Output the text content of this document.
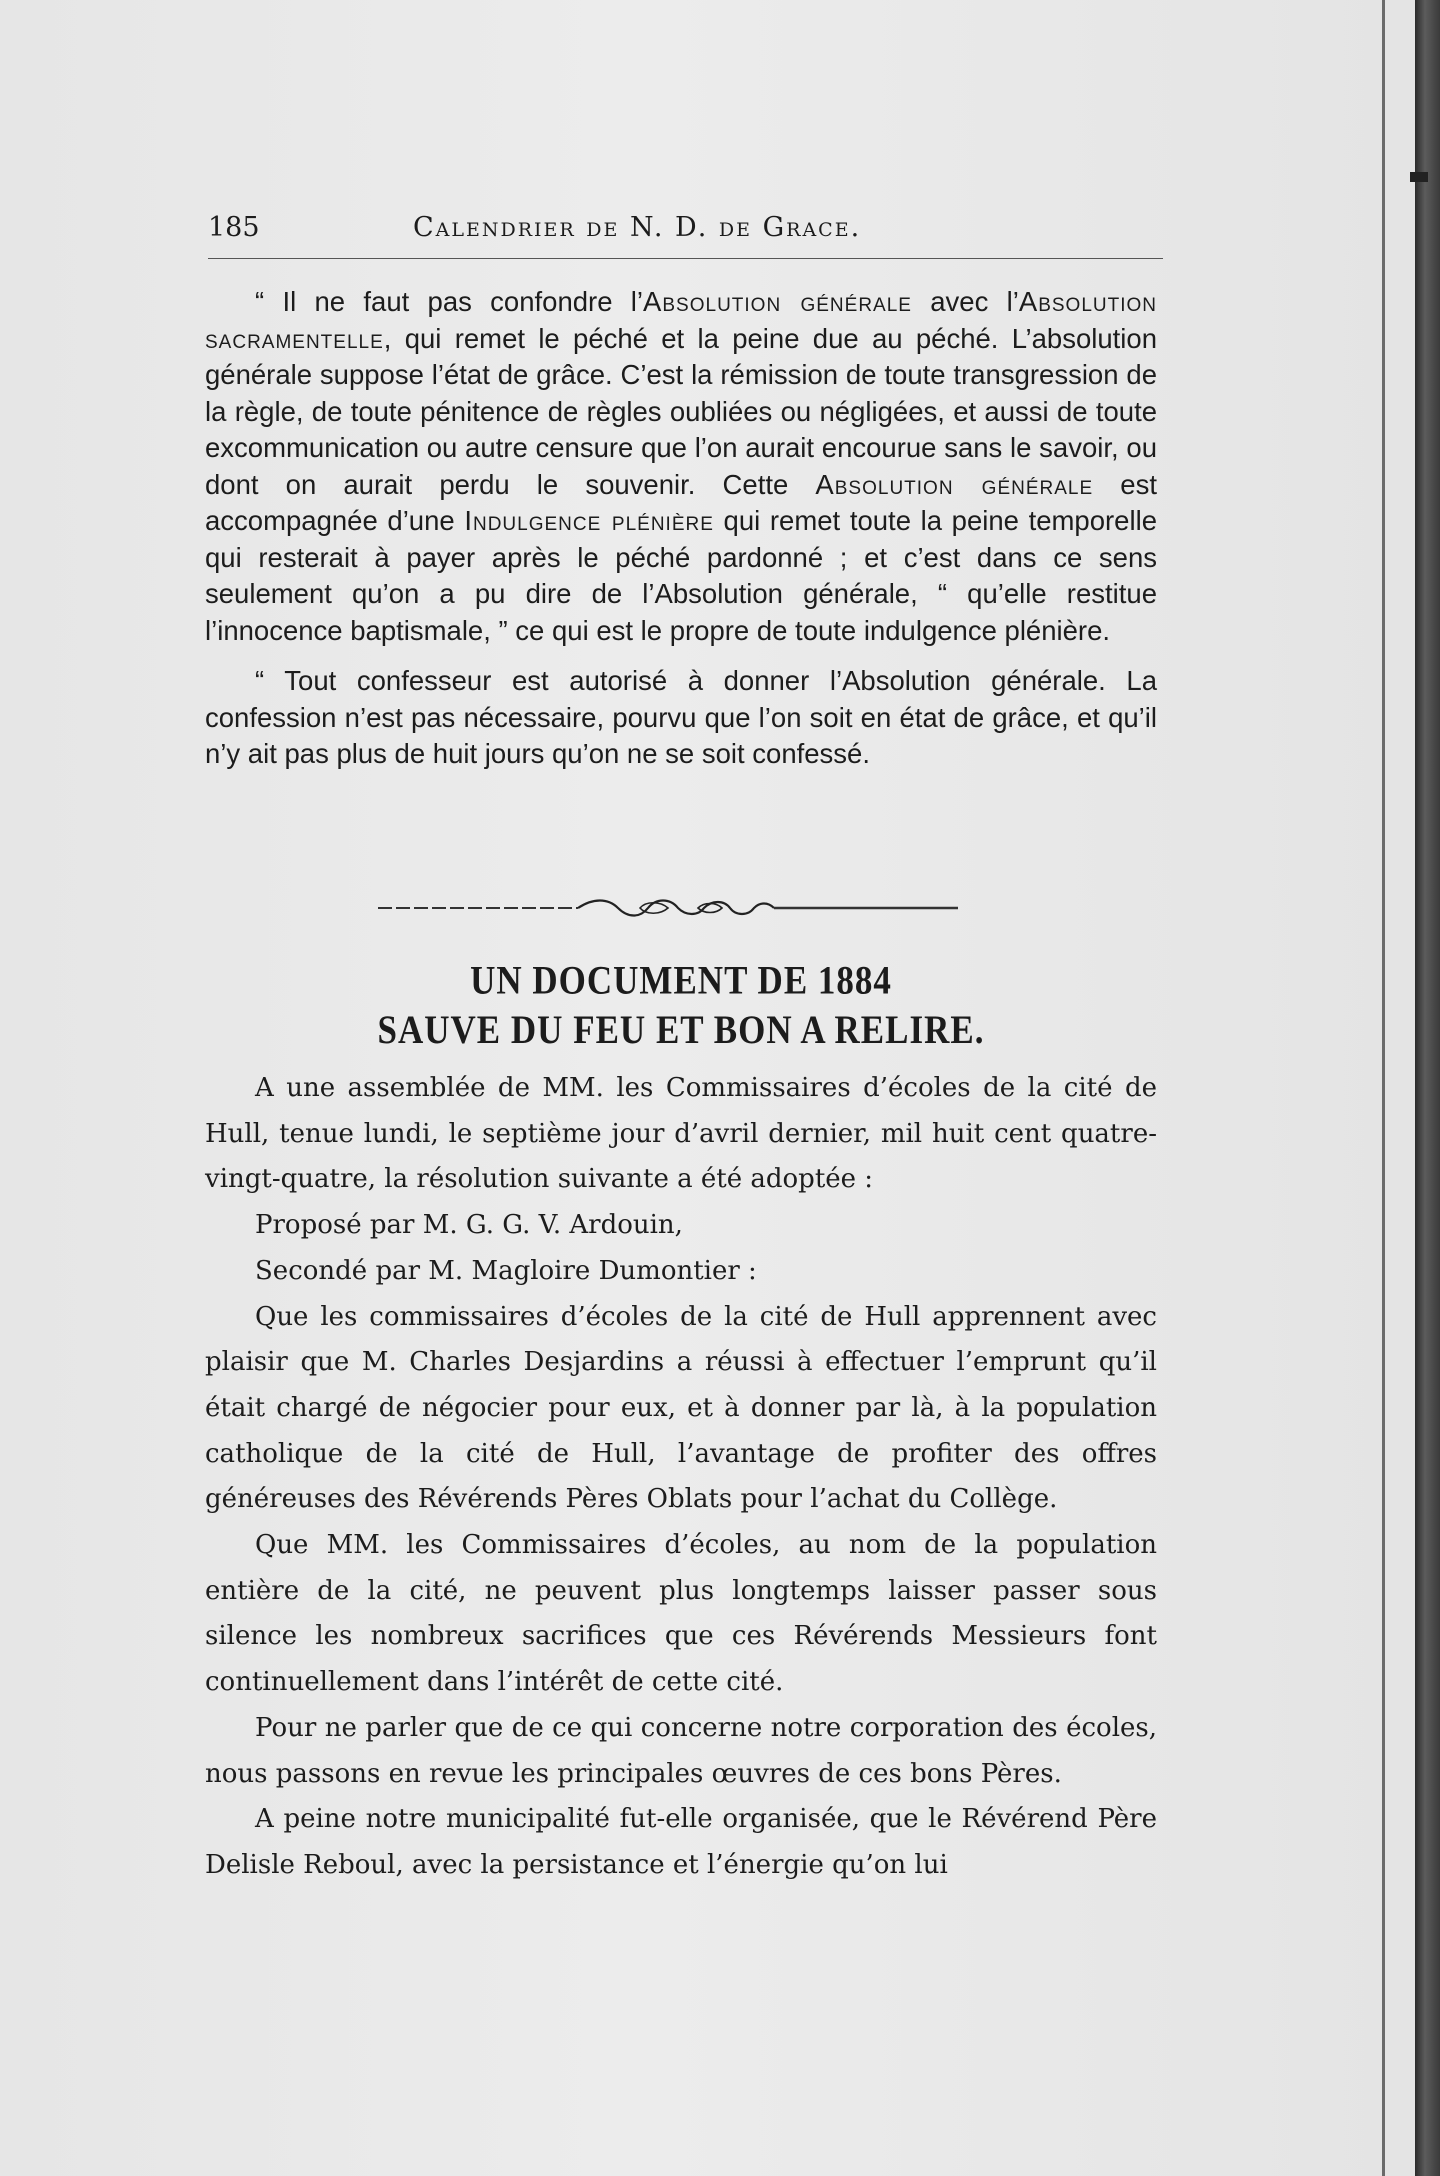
185	Calendrier de N. D. de Grace.

“ Il ne faut pas confondre l’Absolution générale avec l’Absolution sacramentelle, qui remet le péché et la peine due au péché. L’absolution générale suppose l’état de grâce. C’est la rémission de toute transgression de la règle, de toute pénitence de règles oubliées ou négligées, et aussi de toute excommunication ou autre censure que l’on aurait encourue sans le savoir, ou dont on aurait perdu le souvenir. Cette Absolution générale est accompagnée d’une Indulgence plénière qui remet toute la peine temporelle qui resterait à payer après le péché pardonné ; et c’est dans ce sens seulement qu’on a pu dire de l’Absolution générale, “ qu’elle restitue l’innocence baptismale, ” ce qui est le propre de toute indulgence plénière.

“ Tout confesseur est autorisé à donner l’Absolution générale. La confession n’est pas nécessaire, pourvu que l’on soit en état de grâce, et qu’il n’y ait pas plus de huit jours qu’on ne se soit confessé.

UN DOCUMENT DE 1884
SAUVE DU FEU ET BON A RELIRE.

A une assemblée de MM. les Commissaires d’écoles de la cité de Hull, tenue lundi, le septième jour d’avril dernier, mil huit cent quatre-vingt-quatre, la résolution suivante a été adoptée :

Proposé par M. G. G. V. Ardouin,

Secondé par M. Magloire Dumontier :

Que les commissaires d’écoles de la cité de Hull apprennent avec plaisir que M. Charles Desjardins a réussi à effectuer l’emprunt qu’il était chargé de négocier pour eux, et à donner par là, à la population catholique de la cité de Hull, l’avantage de profiter des offres généreuses des Révérends Pères Oblats pour l’achat du Collège.

Que MM. les Commissaires d’écoles, au nom de la population entière de la cité, ne peuvent plus longtemps laisser passer sous silence les nombreux sacrifices que ces Révérends Messieurs font continuellement dans l’intérêt de cette cité.

Pour ne parler que de ce qui concerne notre corporation des écoles, nous passons en revue les principales œuvres de ces bons Pères.

A peine notre municipalité fut-elle organisée, que le Révérend Père Delisle Reboul, avec la persistance et l’énergie qu’on lui
